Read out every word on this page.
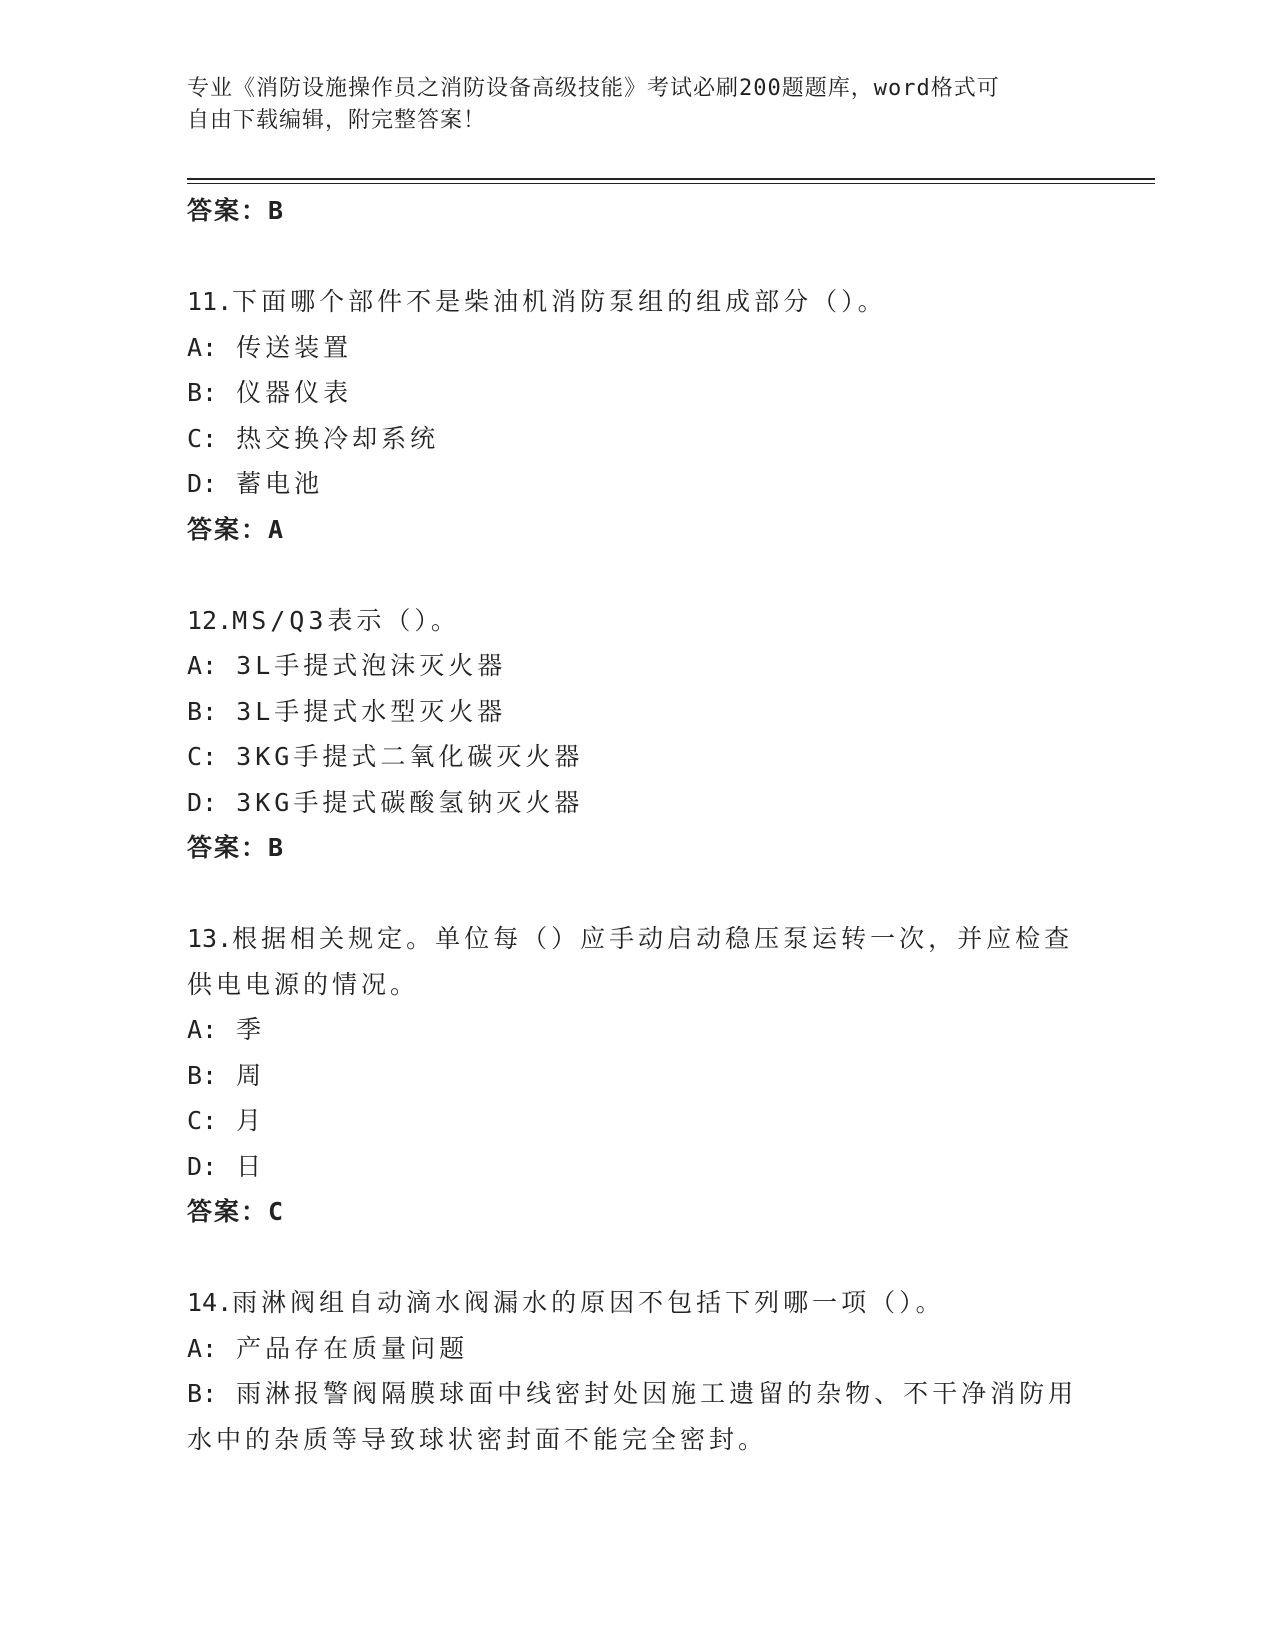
专业《消防设施操作员之消防设备高级技能》考试必刷200题题库，word格式可
自由下载编辑，附完整答案！
答案：B
11.下面哪个部件不是柴油机消防泵组的组成部分（）。
A: 传送装置
B: 仪器仪表
C: 热交换冷却系统
D: 蓄电池
答案：A
12.MS/Q3表示（）。
A: 3L手提式泡沫灭火器
B: 3L手提式水型灭火器
C: 3KG手提式二氧化碳灭火器
D: 3KG手提式碳酸氢钠灭火器
答案：B
13.根据相关规定。单位每（）应手动启动稳压泵运转一次，并应检查
供电电源的情况。
A: 季
B: 周
C: 月
D: 日
答案：C
14.雨淋阀组自动滴水阀漏水的原因不包括下列哪一项（）。
A: 产品存在质量问题
B: 雨淋报警阀隔膜球面中线密封处因施工遗留的杂物、不干净消防用
水中的杂质等导致球状密封面不能完全密封。
